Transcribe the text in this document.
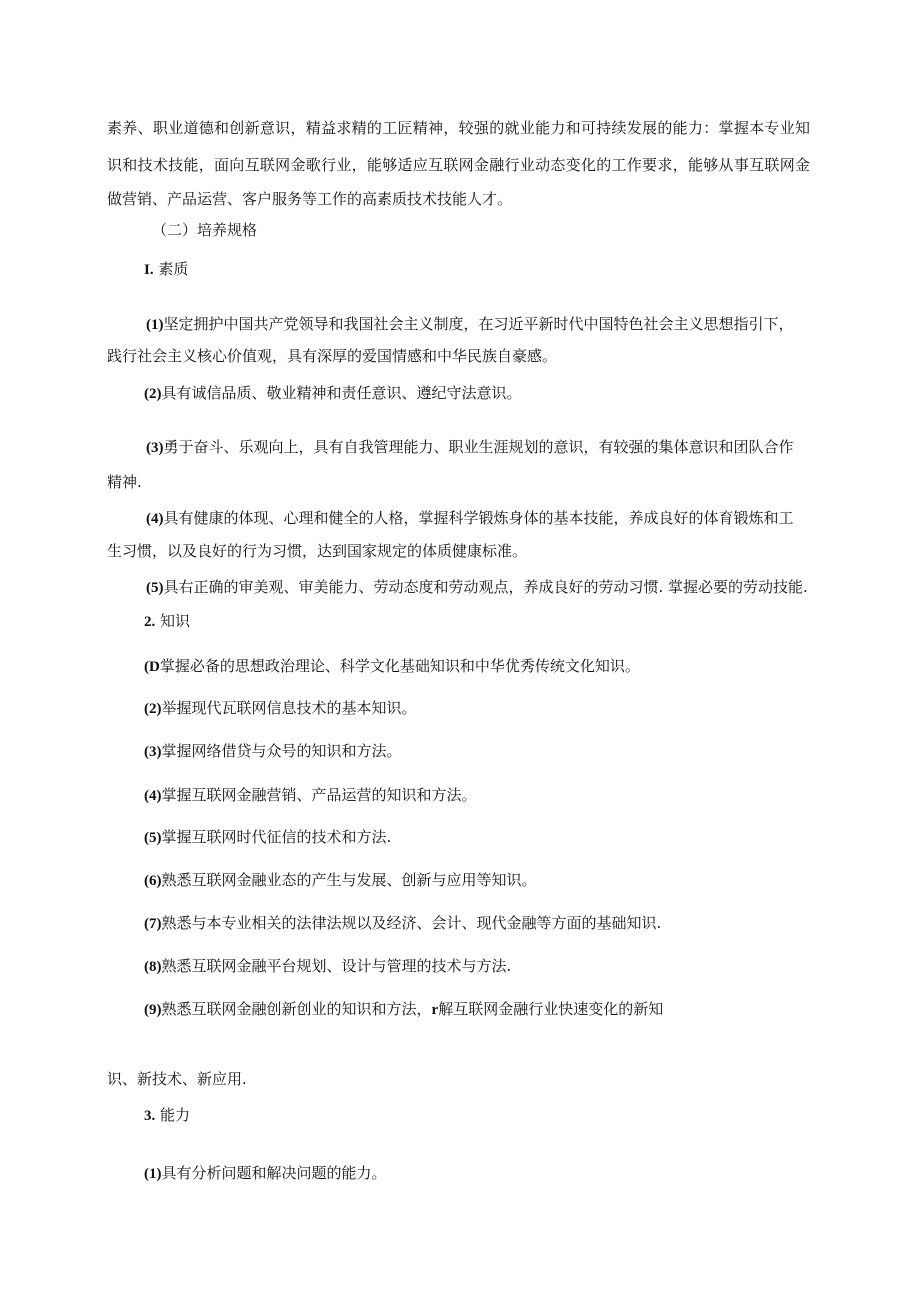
素养、职业道德和创新意识，精益求精的工匠精神，较强的就业能力和可持续发展的能力：掌握本专业知
识和技术技能，面向互联网金歌行业，能够适应互联网金融行业动态变化的工作要求，能够从事互联网金
做营销、产品运营、客户服务等工作的高素质技术技能人才。
（二）培养规格
I. 素质
(1)坚定拥护中国共产党领导和我国社会主义制度，在习近平新时代中国特色社会主义思想指引下，
践行社会主义核心价值观，具有深厚的爱国情感和中华民族自豪感。
(2)具有诚信品质、敬业精神和责任意识、遵纪守法意识。
(3)勇于奋斗、乐观向上，具有自我管理能力、职业生涯规划的意识，有较强的集体意识和团队合作
精神.
(4)具有健康的体现、心理和健全的人格，掌握科学锻炼身体的基本技能，养成良好的体育锻炼和工
生习惯，以及良好的行为习惯，达到国家规定的体质健康标准。
(5)具右正确的审美观、审美能力、劳动态度和劳动观点，养成良好的劳动习惯. 掌握必要的劳动技能.
2. 知识
(D掌握必备的思想政治理论、科学文化基础知识和中华优秀传统文化知识。
(2)举握现代瓦联网信息技术的基本知识。
(3)掌握网络借贷与众号的知识和方法。
(4)掌握互联网金融营销、产品运营的知识和方法。
(5)掌握互联网时代征信的技术和方法.
(6)熟悉互联网金融业态的产生与发展、创新与应用等知识。
(7)熟悉与本专业相关的法律法规以及经济、会计、现代金融等方面的基础知识.
(8)熟悉互联网金融平台规划、设计与管理的技术与方法.
(9)熟悉互联网金融创新创业的知识和方法，r解互联网金融行业快速变化的新知
识、新技术、新应用.
3. 能力
(1)具有分析问题和解决问题的能力。
